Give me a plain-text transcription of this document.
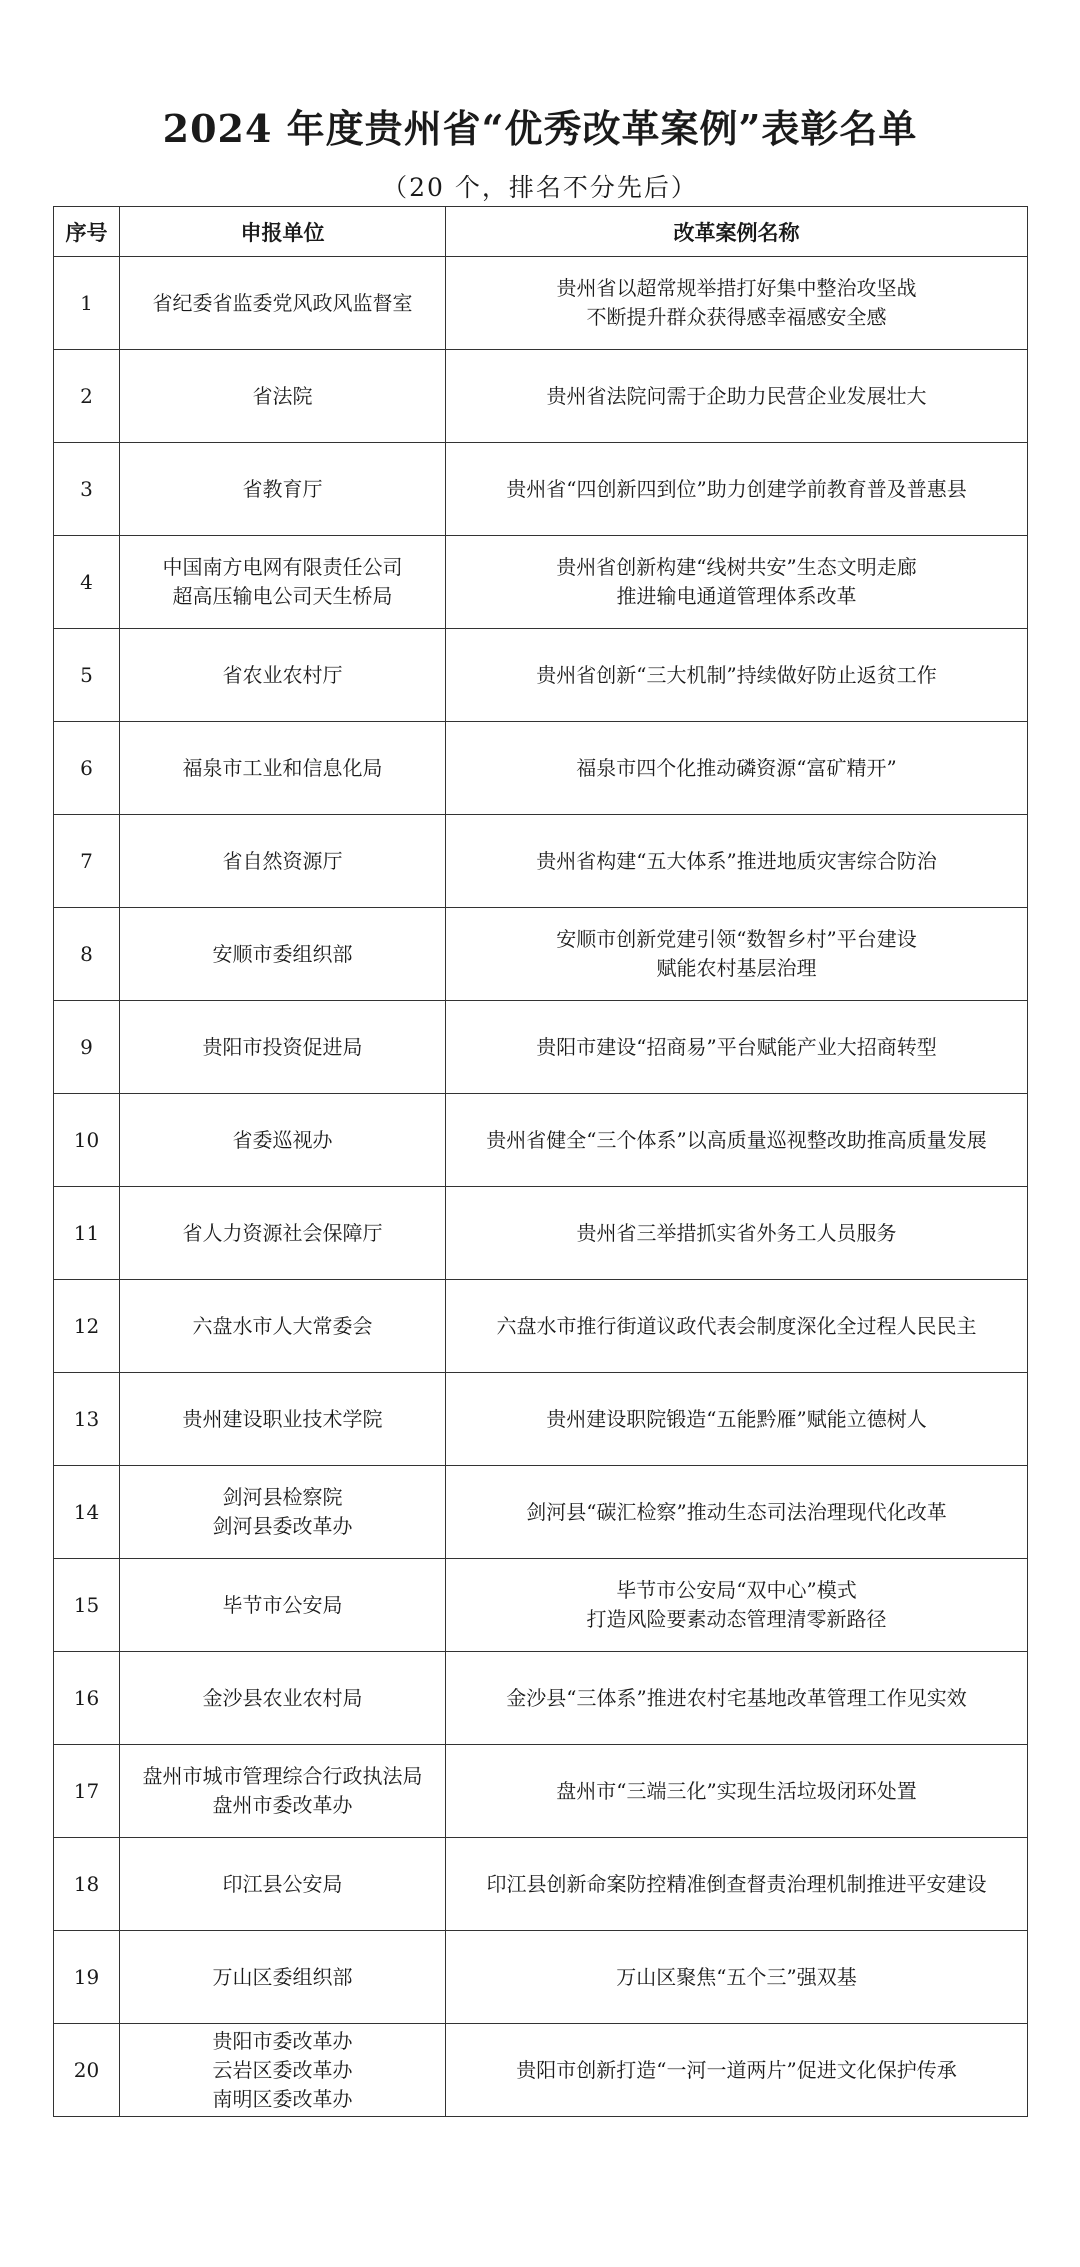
2024 年度贵州省“优秀改革案例”表彰名单
（20 个，排名不分先后）
序号	申报单位	改革案例名称
1	省纪委省监委党风政风监督室	贵州省以超常规举措打好集中整治攻坚战
不断提升群众获得感幸福感安全感

2	省法院	贵州省法院问需于企助力民营企业发展壮大

3	省教育厅	贵州省“四创新四到位”助力创建学前教育普及普惠县

4	中国南方电网有限责任公司
超高压输电公司天生桥局	贵州省创新构建“线树共安”生态文明走廊
推进输电通道管理体系改革

5	省农业农村厅	贵州省创新“三大机制”持续做好防止返贫工作

6	福泉市工业和信息化局	福泉市四个化推动磷资源“富矿精开”

7	省自然资源厅	贵州省构建“五大体系”推进地质灾害综合防治

8	安顺市委组织部	安顺市创新党建引领“数智乡村”平台建设
赋能农村基层治理

9	贵阳市投资促进局	贵阳市建设“招商易”平台赋能产业大招商转型

10	省委巡视办	贵州省健全“三个体系”以高质量巡视整改助推高质量发展

11	省人力资源社会保障厅	贵州省三举措抓实省外务工人员服务

12	六盘水市人大常委会	六盘水市推行街道议政代表会制度深化全过程人民民主

13	贵州建设职业技术学院	贵州建设职院锻造“五能黔雁”赋能立德树人

14	剑河县检察院
剑河县委改革办	剑河县“碳汇检察”推动生态司法治理现代化改革

15	毕节市公安局	毕节市公安局“双中心”模式
打造风险要素动态管理清零新路径

16	金沙县农业农村局	金沙县“三体系”推进农村宅基地改革管理工作见实效

17	盘州市城市管理综合行政执法局
盘州市委改革办	盘州市“三端三化”实现生活垃圾闭环处置

18	印江县公安局	印江县创新命案防控精准倒查督责治理机制推进平安建设

19	万山区委组织部	万山区聚焦“五个三”强双基

20	贵阳市委改革办
云岩区委改革办
南明区委改革办	贵阳市创新打造“一河一道两片”促进文化保护传承
